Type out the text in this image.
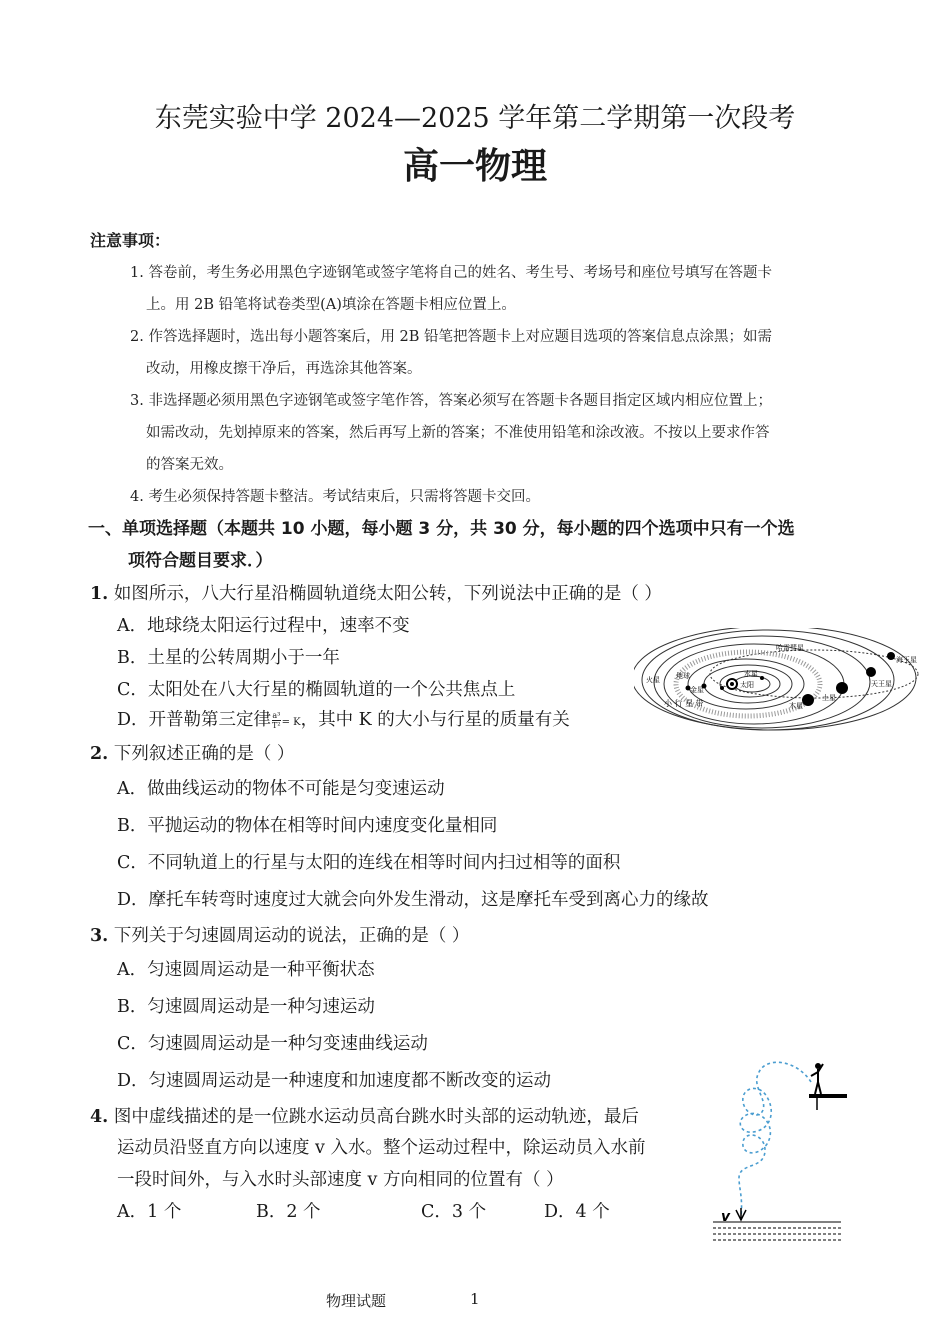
东莞实验中学 2024—2025 学年第二学期第一次段考
高一物理
注意事项：
1. 答卷前，考生务必用黑色字迹钢笔或签字笔将自己的姓名、考生号、考场号和座位号填写在答题卡
上。用 2B 铅笔将试卷类型(A)填涂在答题卡相应位置上。
2. 作答选择题时，选出每小题答案后，用 2B 铅笔把答题卡上对应题目选项的答案信息点涂黑；如需
改动，用橡皮擦干净后，再选涂其他答案。
3. 非选择题必须用黑色字迹钢笔或签字笔作答，答案必须写在答题卡各题目指定区域内相应位置上；
如需改动，先划掉原来的答案，然后再写上新的答案；不准使用铅笔和涂改液。不按以上要求作答
的答案无效。
4. 考生必须保持答题卡整洁。考试结束后，只需将答题卡交回。
一、单项选择题（本题共 10 小题，每小题 3 分，共 30 分，每小题的四个选项中只有一个选
项符合题目要求．）
1. 如图所示，八大行星沿椭圆轨道绕太阳公转，下列说法中正确的是（ ）
A．地球绕太阳运行过程中，速率不变
B．土星的公转周期小于一年
C．太阳处在八大行星的椭圆轨道的一个公共焦点上
D．开普勒第三定律 $\frac{\text{a³}}{\text{T²}} = K$，其中 K 的大小与行星的质量有关
哈雷彗星
海王星
天王星
土星
木星
火星 地球
金星
水星
太阳
小 行 星 带
2. 下列叙述正确的是（ ）
A．做曲线运动的物体不可能是匀变速运动
B．平抛运动的物体在相等时间内速度变化量相同
C．不同轨道上的行星与太阳的连线在相等时间内扫过相等的面积
D．摩托车转弯时速度过大就会向外发生滑动，这是摩托车受到离心力的缘故
3. 下列关于匀速圆周运动的说法，正确的是（ ）
A．匀速圆周运动是一种平衡状态
B．匀速圆周运动是一种匀速运动
C．匀速圆周运动是一种匀变速曲线运动
D．匀速圆周运动是一种速度和加速度都不断改变的运动
4. 图中虚线描述的是一位跳水运动员高台跳水时头部的运动轨迹，最后
运动员沿竖直方向以速度 v 入水。整个运动过程中，除运动员入水前
一段时间外，与入水时头部速度 v 方向相同的位置有（ ）
A．1 个	B．2 个	C．3 个	D．4 个	v
物理试题	1
